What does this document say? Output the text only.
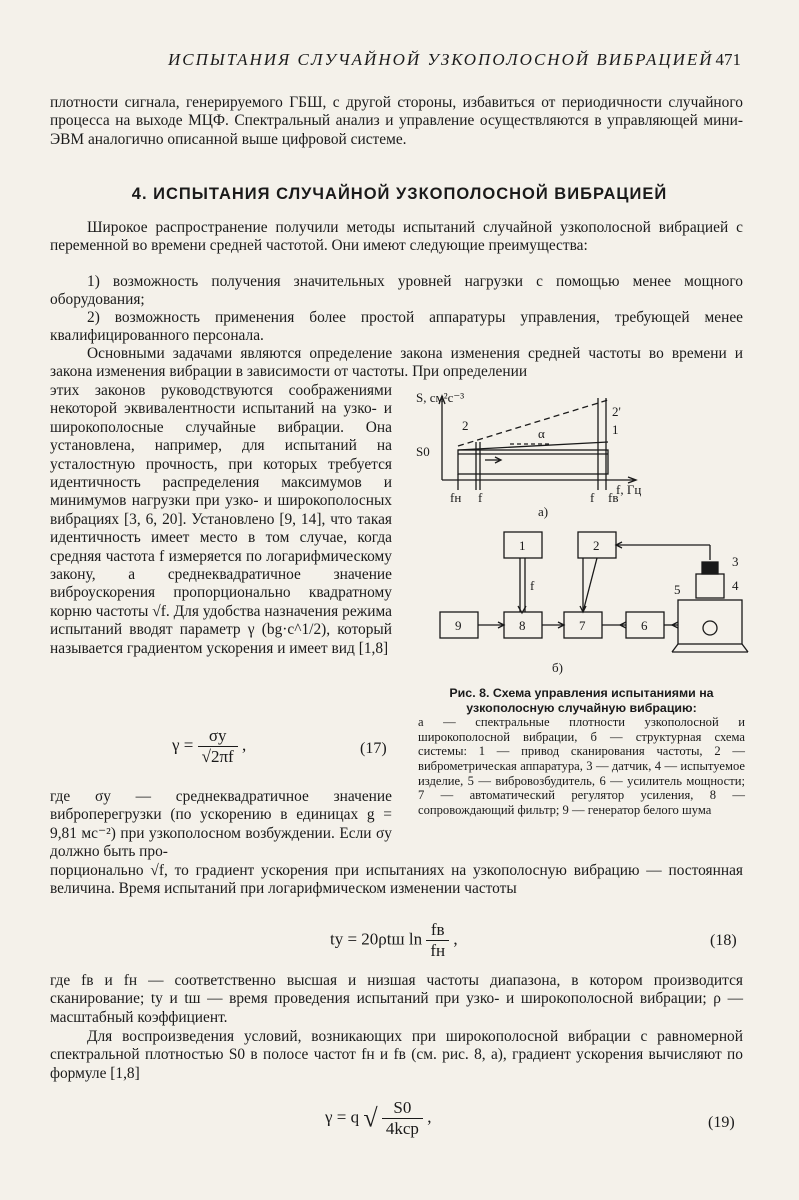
ИСПЫТАНИЯ СЛУЧАЙНОЙ УЗКОПОЛОСНОЙ ВИБРАЦИЕЙ 471

плотности сигнала, генерируемого ГБШ, с другой стороны, избавиться от периодичности случайного процесса на выходе МЦФ. Спектральный анализ и управление осуществляются в управляющей мини-ЭВМ аналогично описанной выше цифровой системе.

4. ИСПЫТАНИЯ СЛУЧАЙНОЙ УЗКОПОЛОСНОЙ ВИБРАЦИЕЙ

Широкое распространение получили методы испытаний случайной узкополосной вибрацией с переменной во времени средней частотой. Они имеют следующие преимущества:

1) возможность получения значительных уровней нагрузки с помощью менее мощного оборудования;

2) возможность применения более простой аппаратуры управления, требующей менее квалифицированного персонала.

Основными задачами являются определение закона изменения средней частоты во времени и закона изменения вибрации в зависимости от частоты. При определении

этих законов руководствуются соображениями некоторой эквивалентности испытаний на узко- и широкополосные случайные вибрации. Она установлена, например, для испытаний на усталостную прочность, при которых требуется идентичность распределения максимумов и минимумов нагрузки при узко- и широкополосных вибрациях [3, 6, 20]. Установлено [9, 14], что такая идентичность имеет место в том случае, когда средняя частота f измеряется по логарифмическому закону, а среднеквадратичное значение виброускорения пропорционально квадратному корню частоты √f. Для удобства назначения режима испытаний вводят параметр γ (bg·c^1/2), который называется градиентом ускорения и имеет вид [1,8]

$\gamma = \frac{\sigma y}{√2\pi f}$ ,	(17)

где σy — среднеквадратичное значение виброперегрузки (по ускорению в единицах g = 9,81 мс⁻²) при узкополосном возбуждении. Если σy должно быть про-

порционально √f, то градиент ускорения при испытаниях на узкополосную вибрацию — постоянная величина. Время испытаний при логарифмическом изменении частоты

ty = 20ρtш $\ln \frac{fв}{fн}$ ,	(18)

где fв и fн — соответственно высшая и низшая частоты диапазона, в котором производится сканирование; ty и tш — время проведения испытаний при узко- и широкополосной вибрации; ρ — масштабный коэффициент.

Для воспроизведения условий, возникающих при широкополосной вибрации с равномерной спектральной плотностью S0 в полосе частот fн и fв (см. рис. 8, а), градиент ускорения вычисляют по формуле [1,8]

γ = q √ $\frac{S0}{\text{4kср}}$ ,	(19)
S, см²с⁻³
f, Гц
S0
α
2
2'
1
fн f	f fв
а)
1	2
9	8	7	6
f
3
4
5
б)
Рис. 8. Схема управления испытаниями на узкополосную случайную вибрацию:
а — спектральные плотности узкополосной и широкополосной вибрации, б — структурная схема системы: 1 — привод сканирования частоты, 2 — виброметрическая аппаратура, 3 — датчик, 4 — испытуемое изделие, 5 — вибровозбудитель, 6 — усилитель мощности; 7 — автоматический регулятор усиления, 8 — сопровождающий фильтр; 9 — генератор белого шума
